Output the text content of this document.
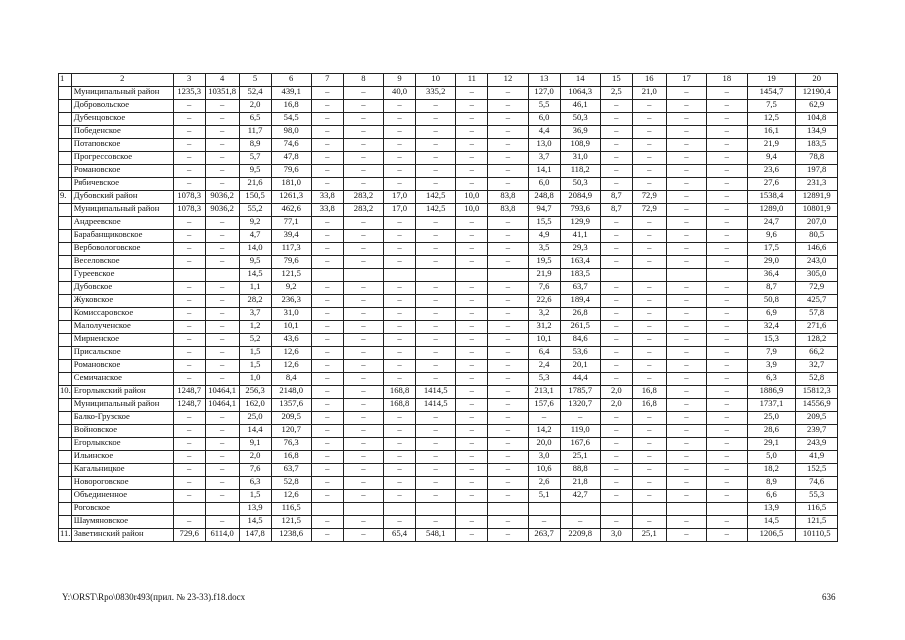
1	2	3	4	5	6	7	8	9	10	11	12	13	14	15	16	17	18	19	20
	Муниципальный район	1235,3	10351,8	52,4	439,1	–	–	40,0	335,2	–	–	127,0	1064,3	2,5	21,0	–	–	1454,7	12190,4
	Добровольское	–	–	2,0	16,8	–	–	–	–	–	–	5,5	46,1	–	–	–	–	7,5	62,9
	Дубенцовское	–	–	6,5	54,5	–	–	–	–	–	–	6,0	50,3	–	–	–	–	12,5	104,8
	Победенское	–	–	11,7	98,0	–	–	–	–	–	–	4,4	36,9	–	–	–	–	16,1	134,9
	Потаповское	–	–	8,9	74,6	–	–	–	–	–	–	13,0	108,9	–	–	–	–	21,9	183,5
	Прогрессовское	–	–	5,7	47,8	–	–	–	–	–	–	3,7	31,0	–	–	–	–	9,4	78,8
	Романовское	–	–	9,5	79,6	–	–	–	–	–	–	14,1	118,2	–	–	–	–	23,6	197,8
	Рябичевское	–	–	21,6	181,0	–	–	–	–	–	–	6,0	50,3	–	–	–	–	27,6	231,3
9.	Дубовский район	1078,3	9036,2	150,5	1261,3	33,8	283,2	17,0	142,5	10,0	83,8	248,8	2084,9	8,7	72,9	–	–	1538,4	12891,9
	Муниципальный район	1078,3	9036,2	55,2	462,6	33,8	283,2	17,0	142,5	10,0	83,8	94,7	793,6	8,7	72,9	–	–	1289,0	10801,9
	Андреевское	–	–	9,2	77,1	–	–	–	–	–	–	15,5	129,9	–	–	–	–	24,7	207,0
	Барабанщиковское	–	–	4,7	39,4	–	–	–	–	–	–	4,9	41,1	–	–	–	–	9,6	80,5
	Вербовологовское	–	–	14,0	117,3	–	–	–	–	–	–	3,5	29,3	–	–	–	–	17,5	146,6
	Веселовское	–	–	9,5	79,6	–	–	–	–	–	–	19,5	163,4	–	–	–	–	29,0	243,0
	Гуреевское			14,5	121,5							21,9	183,5					36,4	305,0
	Дубовское	–	–	1,1	9,2	–	–	–	–	–	–	7,6	63,7	–	–	–	–	8,7	72,9
	Жуковское	–	–	28,2	236,3	–	–	–	–	–	–	22,6	189,4	–	–	–	–	50,8	425,7
	Комиссаровское	–	–	3,7	31,0	–	–	–	–	–	–	3,2	26,8	–	–	–	–	6,9	57,8
	Малолученское	–	–	1,2	10,1	–	–	–	–	–	–	31,2	261,5	–	–	–	–	32,4	271,6
	Мирненское	–	–	5,2	43,6	–	–	–	–	–	–	10,1	84,6	–	–	–	–	15,3	128,2
	Присальское	–	–	1,5	12,6	–	–	–	–	–	–	6,4	53,6	–	–	–	–	7,9	66,2
	Романовское	–	–	1,5	12,6	–	–	–	–	–	–	2,4	20,1	–	–	–	–	3,9	32,7
	Семичанское	–	–	1,0	8,4	–	–	–	–	–	–	5,3	44,4	–	–	–	–	6,3	52,8
10.	Егорлыкский район	1248,7	10464,1	256,3	2148,0	–	–	168,8	1414,5	–	–	213,1	1785,7	2,0	16,8	–	–	1886,9	15812,3
	Муниципальный район	1248,7	10464,1	162,0	1357,6	–	–	168,8	1414,5	–	–	157,6	1320,7	2,0	16,8	–	–	1737,1	14556,9
	Балко-Грузское	–	–	25,0	209,5	–	–	–	–	–	–	–	–	–	–	–	–	25,0	209,5
	Войновское	–	–	14,4	120,7	–	–	–	–	–	–	14,2	119,0	–	–	–	–	28,6	239,7
	Егорлыкское	–	–	9,1	76,3	–	–	–	–	–	–	20,0	167,6	–	–	–	–	29,1	243,9
	Ильинское	–	–	2,0	16,8	–	–	–	–	–	–	3,0	25,1	–	–	–	–	5,0	41,9
	Кагальницкое	–	–	7,6	63,7	–	–	–	–	–	–	10,6	88,8	–	–	–	–	18,2	152,5
	Новороговское	–	–	6,3	52,8	–	–	–	–	–	–	2,6	21,8	–	–	–	–	8,9	74,6
	Объединенное	–	–	1,5	12,6	–	–	–	–	–	–	5,1	42,7	–	–	–	–	6,6	55,3
	Роговское			13,9	116,5													13,9	116,5
	Шаумяновское	–	–	14,5	121,5	–	–	–	–	–	–	–	–	–	–	–	–	14,5	121,5
11.	Заветинский район	729,6	6114,0	147,8	1238,6	–	–	65,4	548,1	–	–	263,7	2209,8	3,0	25,1	–	–	1206,5	10110,5
Y:\ORST\Rpo\0830r493(прил. № 23-33).f18.docx	636
